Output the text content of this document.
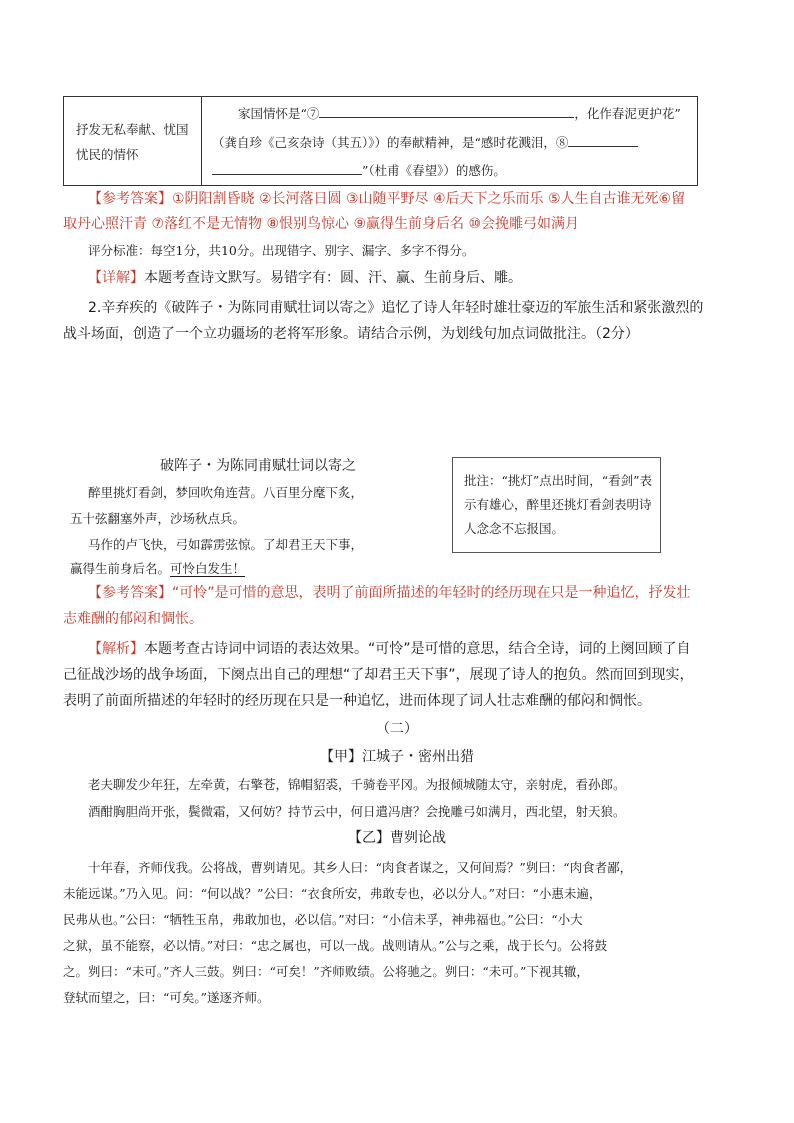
抒发无私奉献、忧国忧民的情怀
家国情怀是“⑦	，化作春泥更护花”
（龚自珍《己亥杂诗（其五）》）的奉献精神，是“感时花溅泪，⑧
”（杜甫《春望》）的感伤。
【参考答案】①阴阳割昏晓 ②长河落日圆 ③山随平野尽 ④后天下之乐而乐 ⑤人生自古谁无死⑥留
取丹心照汗青 ⑦落红不是无情物 ⑧恨别鸟惊心 ⑨赢得生前身后名 ⑩会挽雕弓如满月
评分标准：每空1分，共10分。出现错字、别字、漏字、多字不得分。
【详解】本题考查诗文默写。易错字有：圆、汗、赢、生前身后、雕。
2.辛弃疾的《破阵子・为陈同甫赋壮词以寄之》追忆了诗人年轻时雄壮豪迈的军旅生活和紧张激烈的
战斗场面，创造了一个立功疆场的老将军形象。请结合示例，为划线句加点词做批注。（2分）
破阵子・为陈同甫赋壮词以寄之
醉里挑灯看剑，梦回吹角连营。八百里分麾下炙，
五十弦翻塞外声，沙场秋点兵。
马作的卢飞快，弓如霹雳弦惊。了却君王天下事，
赢得生前身后名。可怜白发生！
批注：“挑灯”点出时间，“看剑”表示有雄心，醉里还挑灯看剑表明诗人念念不忘报国。
【参考答案】“可怜”是可惜的意思，表明了前面所描述的年轻时的经历现在只是一种追忆，抒发壮
志难酬的郁闷和惆怅。
【解析】本题考查古诗词中词语的表达效果。“可怜”是可惜的意思，结合全诗，词的上阕回顾了自
己征战沙场的战争场面，下阕点出自己的理想“了却君王天下事”，展现了诗人的抱负。然而回到现实，
表明了前面所描述的年轻时的经历现在只是一种追忆，进而体现了词人壮志难酬的郁闷和惆怅。
（二）
【甲】江城子・密州出猎
老夫聊发少年狂，左牵黄，右擎苍，锦帽貂裘，千骑卷平冈。为报倾城随太守，亲射虎，看孙郎。
酒酣胸胆尚开张，鬓微霜，又何妨？持节云中，何日遣冯唐？会挽雕弓如满月，西北望，射天狼。
【乙】曹刿论战
十年春，齐师伐我。公将战，曹刿请见。其乡人曰：“肉食者谋之，又何间焉？”刿曰：“肉食者鄙，
未能远谋。”乃入见。问：“何以战？”公曰：“衣食所安，弗敢专也，必以分人。”对曰：“小惠未遍，
民弗从也。”公曰：“牺牲玉帛，弗敢加也，必以信。”对曰：“小信未孚，神弗福也。”公曰：“小大
之狱，虽不能察，必以情。”对曰：“忠之属也，可以一战。战则请从。”公与之乘，战于长勺。公将鼓
之。刿曰：“未可。”齐人三鼓。刿曰：“可矣！”齐师败绩。公将驰之。刿曰：“未可。”下视其辙，
登轼而望之，曰：“可矣。”遂逐齐师。
